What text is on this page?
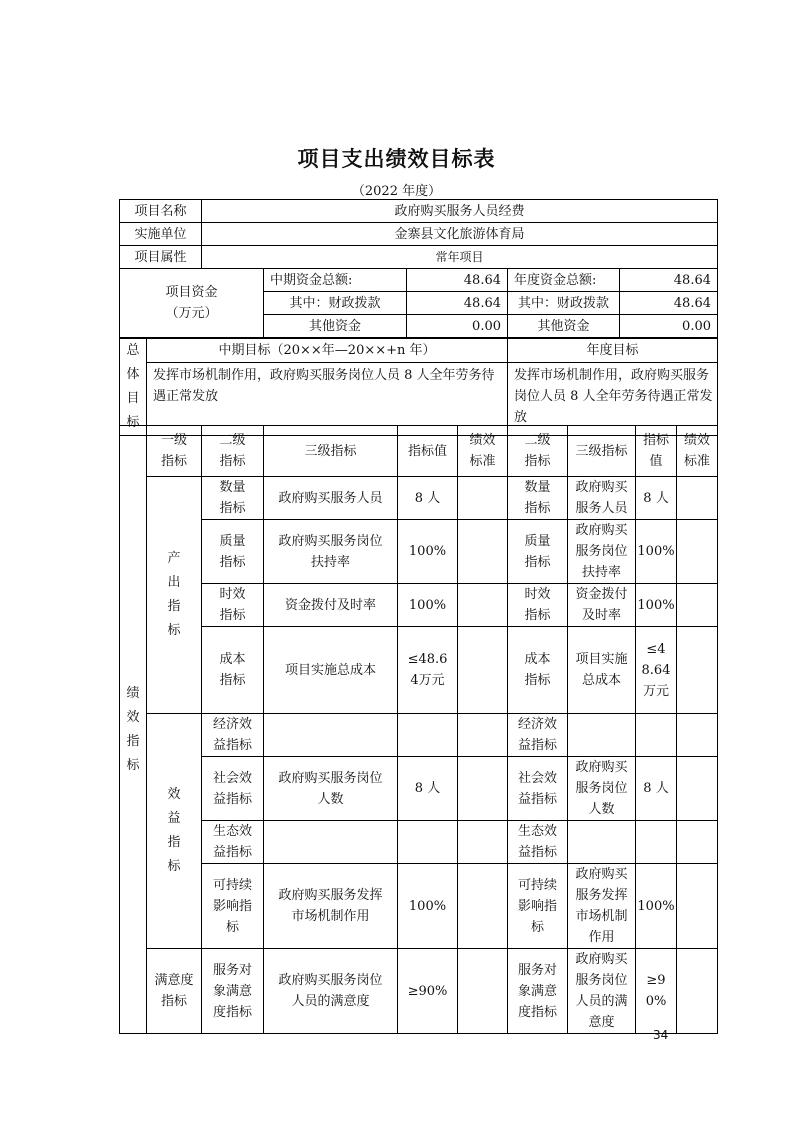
项目支出绩效目标表
（2022 年度）
项目名称	政府购买服务人员经费				
实施单位	金寨县文化旅游体育局				
项目属性	常年项目				

项目资金
（万元）		中期资金总额:	48.64	年度资金总额:	48.64
		其中：财政拨款	48.64	其中：财政拨款	48.64
		其他资金	0.00	其他资金	0.00
总体目标	中期目标（20××年—20××+n 年）	年度目标
	发挥市场机制作用，政府购买服务岗位人员 8 人全年劳务待遇正常发放	发挥市场机制作用，政府购买服务岗位人员 8 人全年劳务待遇正常发放
绩效指标	一级指标	二级指标	三级指标	指标值	绩效标准	二级指标	三级指标	指标值	绩效标准
	产出指标	数量指标	政府购买服务人员	8 人		数量指标	政府购买服务人员	8 人	
		质量指标	政府购买服务岗位扶持率	100%		质量指标	政府购买服务岗位扶持率	100%	
		时效指标	资金拨付及时率	100%		时效指标	资金拨付及时率	100%	
		成本指标	项目实施总成本	≤48.64万元		成本指标	项目实施总成本	≤48.64 万元	
	效益指标	经济效益指标				经济效益指标			
		社会效益指标	政府购买服务岗位人数	8 人		社会效益指标	政府购买服务岗位人数	8 人	
		生态效益指标				生态效益指标			
		可持续影响指标	政府购买服务发挥市场机制作用	100%		可持续影响指标	政府购买服务发挥市场机制作用	100%	
	满意度指标	服务对象满意度指标	政府购买服务岗位人员的满意度	≥90%		服务对象满意度指标	政府购买服务岗位人员的满意度	≥90%	
34
